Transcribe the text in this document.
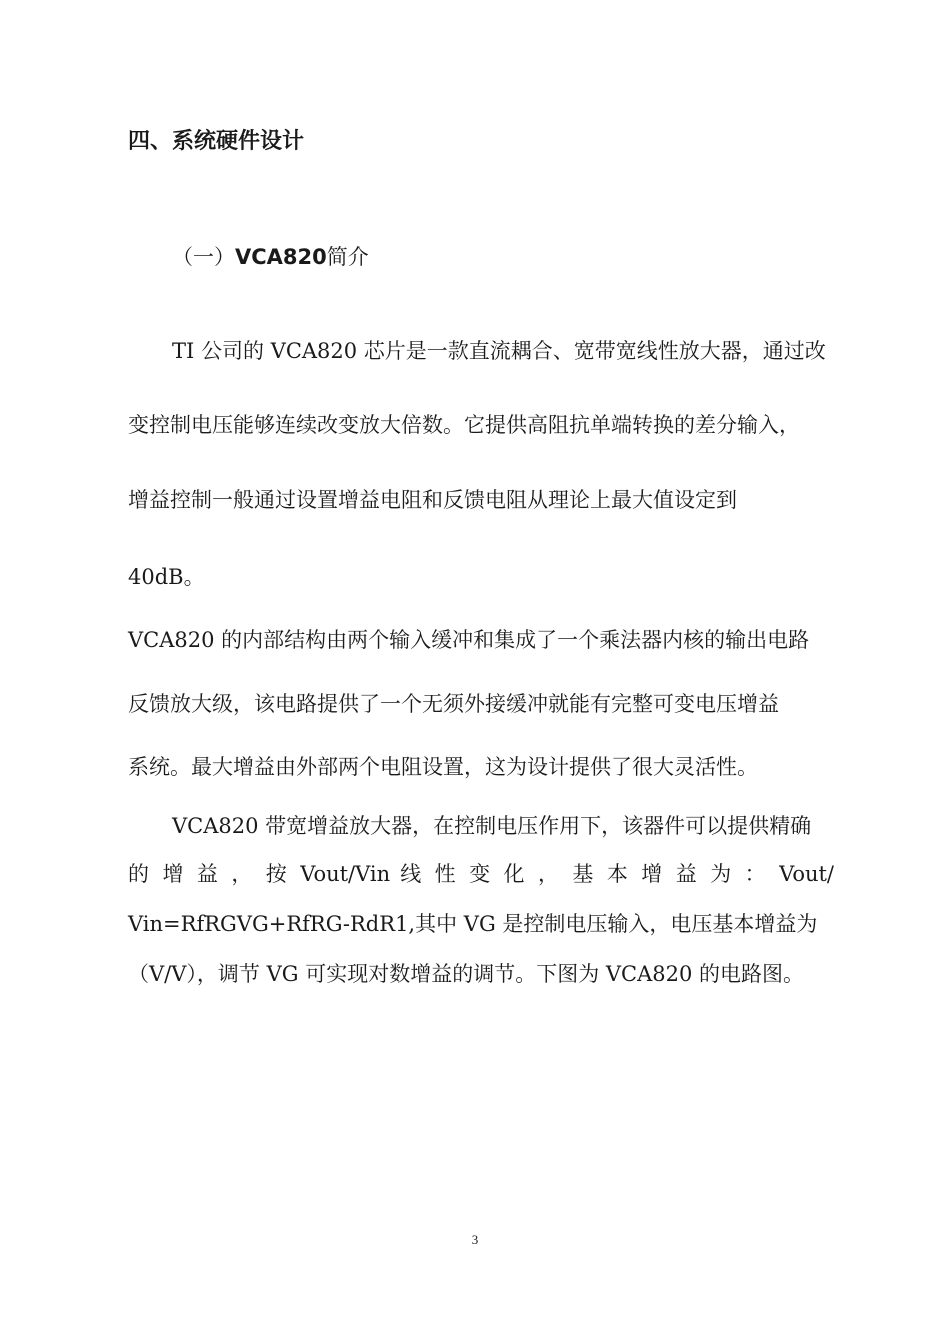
四、系统硬件设计
（一）VCA820简介
TI 公司的 VCA820 芯片是一款直流耦合、宽带宽线性放大器，通过改
变控制电压能够连续改变放大倍数。它提供高阻抗单端转换的差分输入，
增益控制一般通过设置增益电阻和反馈电阻从理论上最大值设定到
40dB。
VCA820 的内部结构由两个输入缓冲和集成了一个乘法器内核的输出电路
反馈放大级，该电路提供了一个无须外接缓冲就能有完整可变电压增益
系统。最大增益由外部两个电阻设置，这为设计提供了很大灵活性。
VCA820 带宽增益放大器，在控制电压作用下，该器件可以提供精确
的 增 益 ， 按 Vout/Vin 线 性 变 化 ， 基 本 增 益 为 ： Vout/
Vin=RfRGVG+RfRG-RdR1,其中 VG 是控制电压输入，电压基本增益为
（V/V），调节 VG 可实现对数增益的调节。下图为 VCA820 的电路图。
3
